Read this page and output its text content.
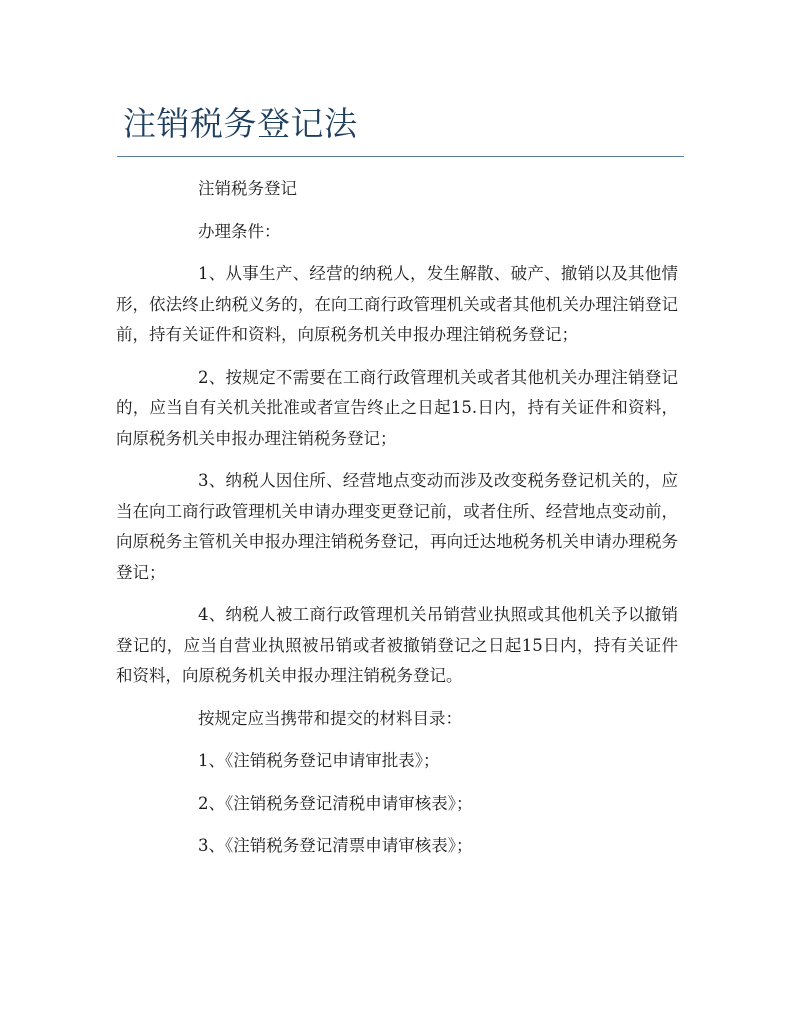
注销税务登记法

注销税务登记

办理条件：

1、从事生产、经营的纳税人，发生解散、破产、撤销以及其他情形，依法终止纳税义务的，在向工商行政管理机关或者其他机关办理注销登记前，持有关证件和资料，向原税务机关申报办理注销税务登记；

2、按规定不需要在工商行政管理机关或者其他机关办理注销登记的，应当自有关机关批准或者宣告终止之日起15.日内，持有关证件和资料，向原税务机关申报办理注销税务登记；

3、纳税人因住所、经营地点变动而涉及改变税务登记机关的，应当在向工商行政管理机关申请办理变更登记前，或者住所、经营地点变动前，向原税务主管机关申报办理注销税务登记，再向迁达地税务机关申请办理税务登记；

4、纳税人被工商行政管理机关吊销营业执照或其他机关予以撤销登记的，应当自营业执照被吊销或者被撤销登记之日起15日内，持有关证件和资料，向原税务机关申报办理注销税务登记。

按规定应当携带和提交的材料目录：

1、《注销税务登记申请审批表》；

2、《注销税务登记清税申请审核表》；

3、《注销税务登记清票申请审核表》；
